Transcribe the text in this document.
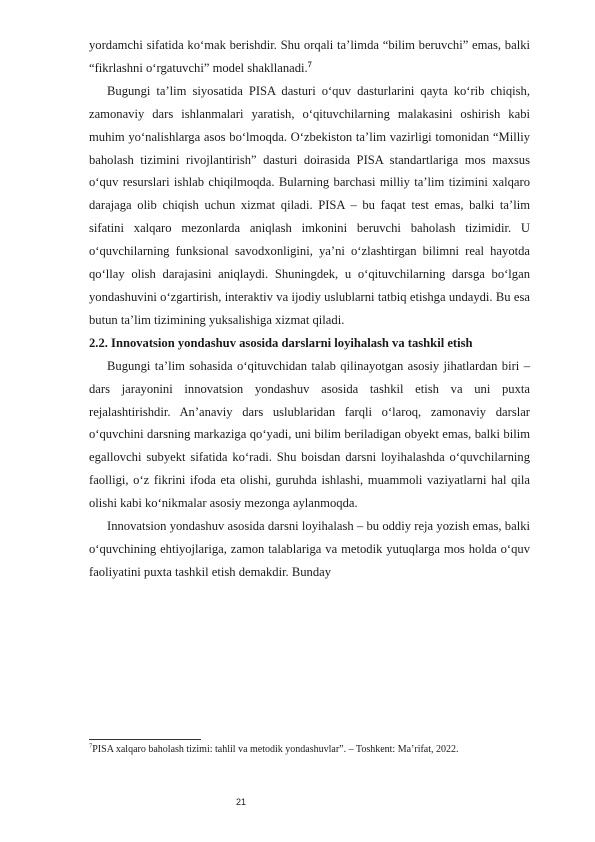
yordamchi sifatida ko‘mak berishdir. Shu orqali ta’limda “bilim beruvchi” emas, balki “fikrlashni o‘rgatuvchi” model shakllanadi.$^7$

Bugungi ta’lim siyosatida PISA dasturi o‘quv dasturlarini qayta ko‘rib chiqish, zamonaviy dars ishlanmalari yaratish, o‘qituvchilarning malakasini oshirish kabi muhim yo‘nalishlarga asos bo‘lmoqda. O‘zbekiston ta’lim vazirligi tomonidan “Milliy baholash tizimini rivojlantirish” dasturi doirasida PISA standartlariga mos maxsus o‘quv resurslari ishlab chiqilmoqda. Bularning barchasi milliy ta’lim tizimini xalqaro darajaga olib chiqish uchun xizmat qiladi. PISA – bu faqat test emas, balki ta’lim sifatini xalqaro mezonlarda aniqlash imkonini beruvchi baholash tizimidir. U o‘quvchilarning funksional savodxonligini, ya’ni o‘zlashtirgan bilimni real hayotda qo‘llay olish darajasini aniqlaydi. Shuningdek, u o‘qituvchilarning darsga bo‘lgan yondashuvini o‘zgartirish, interaktiv va ijodiy uslublarni tatbiq etishga undaydi. Bu esa butun ta’lim tizimining yuksalishiga xizmat qiladi.

2.2. Innovatsion yondashuv asosida darslarni loyihalash va tashkil etish

Bugungi ta’lim sohasida o‘qituvchidan talab qilinayotgan asosiy jihatlardan biri – dars jarayonini innovatsion yondashuv asosida tashkil etish va uni puxta rejalashtirishdir. An’anaviy dars uslublaridan farqli o‘laroq, zamonaviy darslar o‘quvchini darsning markaziga qo‘yadi, uni bilim beriladigan obyekt emas, balki bilim egallovchi subyekt sifatida ko‘radi. Shu boisdan darsni loyihalashda o‘quvchilarning faolligi, o‘z fikrini ifoda eta olishi, guruhda ishlashi, muammoli vaziyatlarni hal qila olishi kabi ko‘nikmalar asosiy mezonga aylanmoqda.

Innovatsion yondashuv asosida darsni loyihalash – bu oddiy reja yozish emas, balki o‘quvchining ehtiyojlariga, zamon talablariga va metodik yutuqlarga mos holda o‘quv faoliyatini puxta tashkil etish demakdir. Bunday

$^7$PISA xalqaro baholash tizimi: tahlil va metodik yondashuvlar”. – Toshkent: Ma’rifat, 2022.
21
